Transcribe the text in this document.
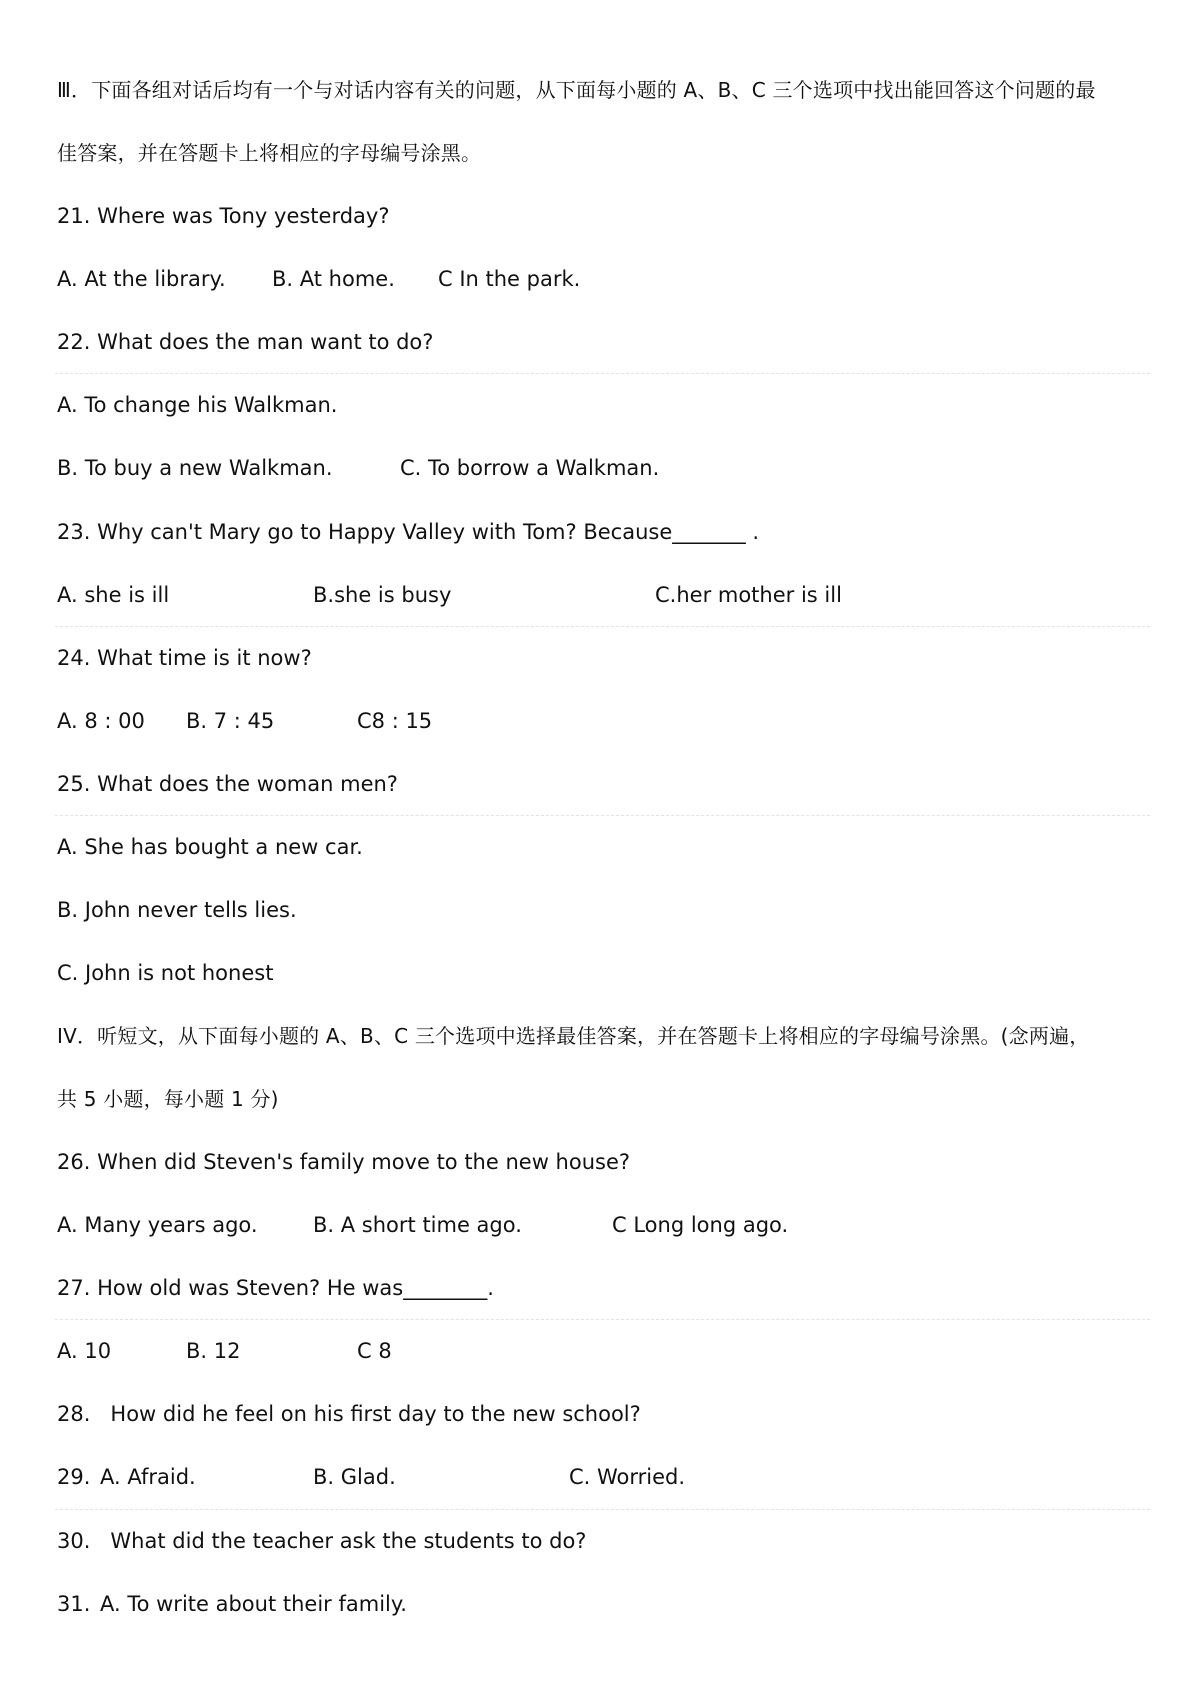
Ⅲ．下面各组对话后均有一个与对话内容有关的问题，从下面每小题的 A、B、C 三个选项中找出能回答这个问题的最
佳答案，并在答题卡上将相应的字母编号涂黑。
21. Where was Tony yesterday?
A. At the library. B. At home. C In the park.
22. What does the man want to do?
A. To change his Walkman.
B. To buy a new Walkman.	C. To borrow a Walkman.
23. Why can't Mary go to Happy Valley with Tom? Because_______ .
A. she is ill	B.she is busy	C.her mother is ill
24. What time is it now?
A. 8 : 00 B. 7 : 45	C8 : 15
25. What does the woman men?
A. She has bought a new car.
B. John never tells lies.
C. John is not honest
IV．听短文，从下面每小题的 A、B、C 三个选项中选择最佳答案，并在答题卡上将相应的字母编号涂黑。(念两遍，
共 5 小题，每小题 1 分)
26. When did Steven's family move to the new house?
A. Many years ago.	B. A short time ago.	C Long long ago.
27. How old was Steven? He was________.
A. 10	B. 12	C 8
28.   How did he feel on his first day to the new school?
29. A. Afraid.	B. Glad.	C. Worried.
30.   What did the teacher ask the students to do?
31. A. To write about their family.
